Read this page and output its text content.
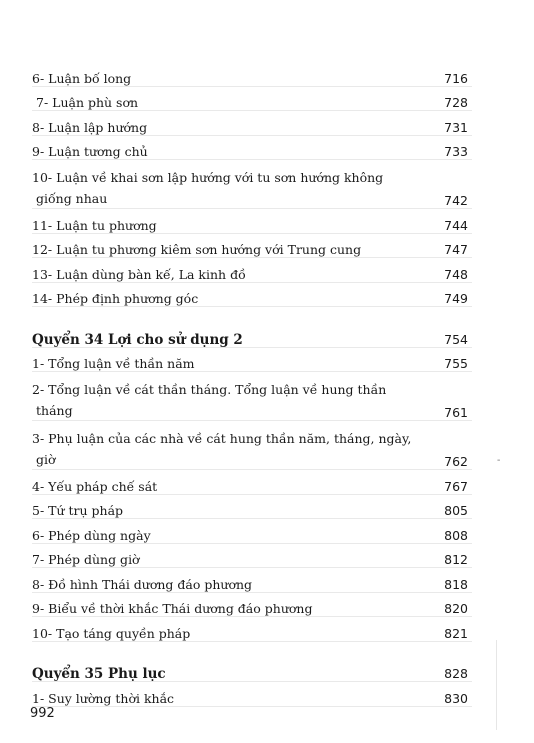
6- Luận bố long	716
7- Luận phù sơn	728
8- Luận lập hướng	731
9- Luận tương chủ	733
10- Luận về khai sơn lập hướng với tu sơn hướng không
giống nhau	742
11- Luận tu phương	744
12- Luận tu phương kiêm sơn hướng với Trung cung	747
13- Luận dùng bàn kế, La kinh đồ	748
14- Phép định phương góc	749
Quyển 34 Lợi cho sử dụng 2	754
1- Tổng luận về thần năm	755
2- Tổng luận về cát thần tháng. Tổng luận về hung thần
tháng	761
3- Phụ luận của các nhà về cát hung thần năm, tháng, ngày,
giờ	762
4- Yếu pháp chế sát	767
5- Tứ trụ pháp	805
6- Phép dùng ngày	808
7- Phép dùng giờ	812
8- Đồ hình Thái dương đáo phương	818
9- Biểu về thời khắc Thái dương đáo phương	820
10- Tạo táng quyền pháp	821
Quyển 35 Phụ lục	828
1- Suy lường thời khắc	830
-
992
